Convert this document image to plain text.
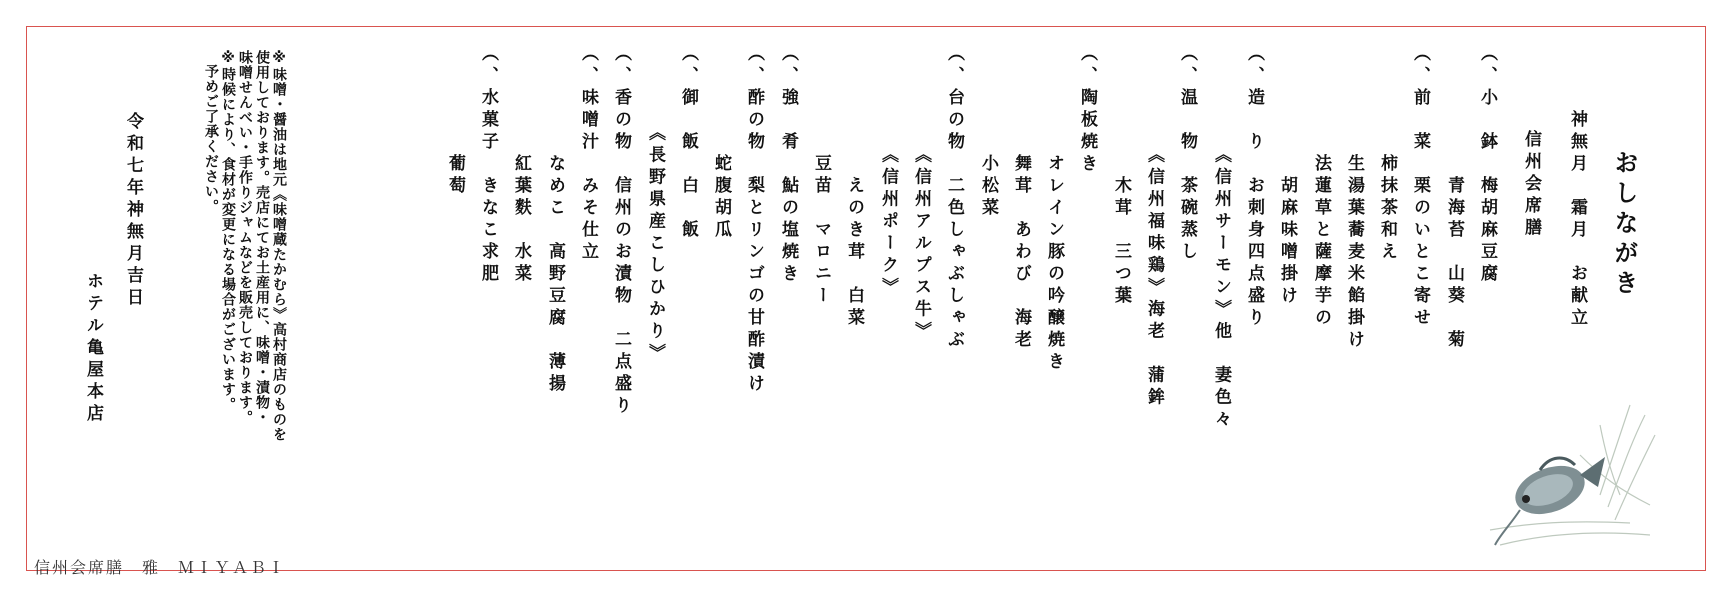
おしながき
神無月　霜月　お献立
信州会席膳
︵、小　鉢　梅胡麻豆腐
　　　　　　青海苔　山葵　菊
︵、前　菜　栗のいとこ寄せ
　　　　　柿抹茶和え
　　　　　生湯葉蕎麦米餡掛け
　　　　　法蓮草と薩摩芋の
　　　　　　胡麻味噌掛け
︵、造　り　お刺身四点盛り
　　　　　《信州サーモン》他　妻色々
︵、温　物　茶碗蒸し
　　　　　《信州福味鶏》海老　蒲鉾
　　　　　　木茸　三つ葉
︵、陶板焼き
　　　　　オレイン豚の吟醸焼き
　　　　　舞茸　あわび　海老
　　　　　小松菜
︵、台の物　二色しゃぶしゃぶ
　　　　　《信州アルプス牛》
　　　　　《信州ポーク》
　　　　　　えのき茸　白菜
　　　　　豆苗　マロニー
︵、強　肴　鮎の塩焼き
︵、酢の物　梨とリンゴの甘酢漬け
　　　　　蛇腹胡瓜
︵、御　飯　白　飯
　　　　《長野県産こしひかり》
︵、香の物　信州のお漬物　二点盛り
︵、味噌汁　みそ仕立
　　　　　なめこ　高野豆腐　薄揚
　　　　　紅葉麩　水菜
︵、水菓子　きなこ求肥
　　　　　葡萄
※味噌・醤油は地元《味噌蔵たかむら》高村商店のものを
使用しております。売店にてお土産用に、味噌・漬物・
味噌せんべい・手作りジャムなどを販売しております。
※時候により、食材が変更になる場合がございます。
予めご了承ください。
令和七年神無月吉日
ホテル亀屋本店
信州会席膳　雅　ＭＩＹＡＢＩ
